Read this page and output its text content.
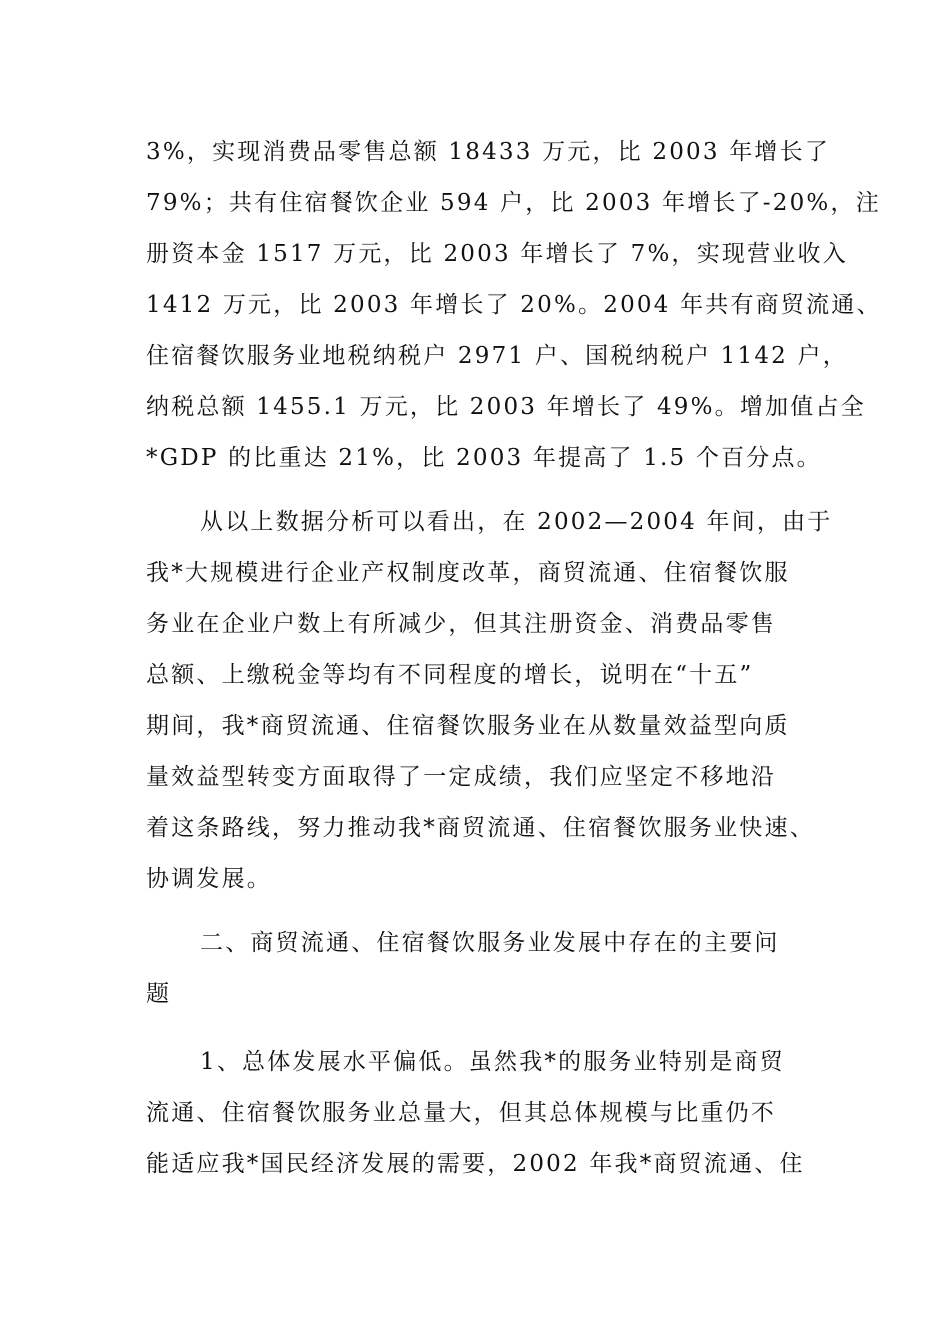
3%，实现消费品零售总额 18433 万元，比 2003 年增长了
79%；共有住宿餐饮企业 594 户，比 2003 年增长了-20%，注
册资本金 1517 万元，比 2003 年增长了 7%，实现营业收入
1412 万元，比 2003 年增长了 20%。2004 年共有商贸流通、
住宿餐饮服务业地税纳税户 2971 户、国税纳税户 1142 户，
纳税总额 1455.1 万元，比 2003 年增长了 49%。增加值占全
*GDP 的比重达 21%，比 2003 年提高了 1.5 个百分点。

从以上数据分析可以看出，在 2002—2004 年间，由于
我*大规模进行企业产权制度改革，商贸流通、住宿餐饮服
务业在企业户数上有所减少，但其注册资金、消费品零售
总额、上缴税金等均有不同程度的增长，说明在“十五”
期间，我*商贸流通、住宿餐饮服务业在从数量效益型向质
量效益型转变方面取得了一定成绩，我们应坚定不移地沿
着这条路线，努力推动我*商贸流通、住宿餐饮服务业快速、
协调发展。

二、商贸流通、住宿餐饮服务业发展中存在的主要问
题

1、总体发展水平偏低。虽然我*的服务业特别是商贸
流通、住宿餐饮服务业总量大，但其总体规模与比重仍不
能适应我*国民经济发展的需要，2002 年我*商贸流通、住
